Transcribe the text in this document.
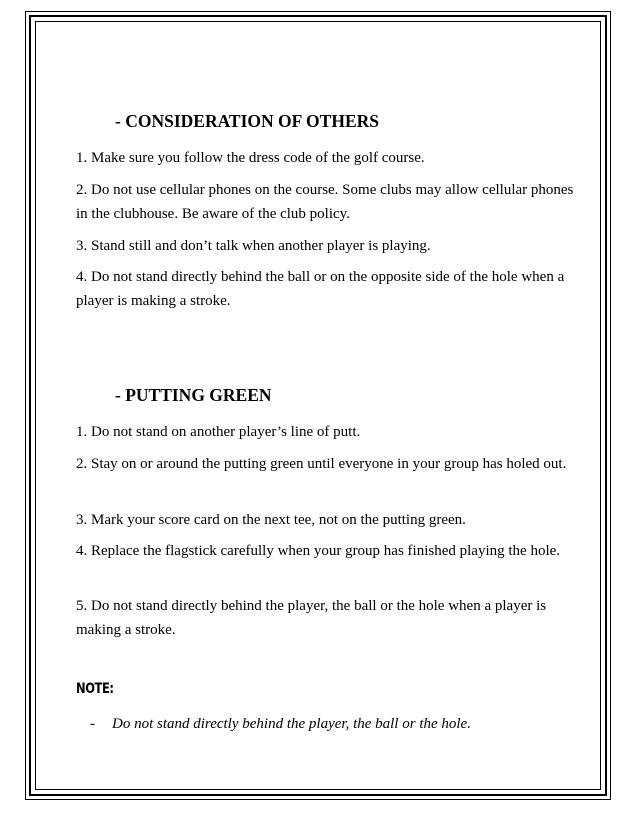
- CONSIDERATION OF OTHERS

1. Make sure you follow the dress code of the golf course.

2. Do not use cellular phones on the course. Some clubs may allow cellular phones in the clubhouse. Be aware of the club policy.

3. Stand still and don’t talk when another player is playing.

4. Do not stand directly behind the ball or on the opposite side of the hole when a player is making a stroke.

- PUTTING GREEN

1. Do not stand on another player’s line of putt.

2. Stay on or around the putting green until everyone in your group has holed out.

3. Mark your score card on the next tee, not on the putting green.

4. Replace the flagstick carefully when your group has finished playing the hole.

5. Do not stand directly behind the player, the ball or the hole when a player is making a stroke.

NOTE:

- Do not stand directly behind the player, the ball or the hole.
